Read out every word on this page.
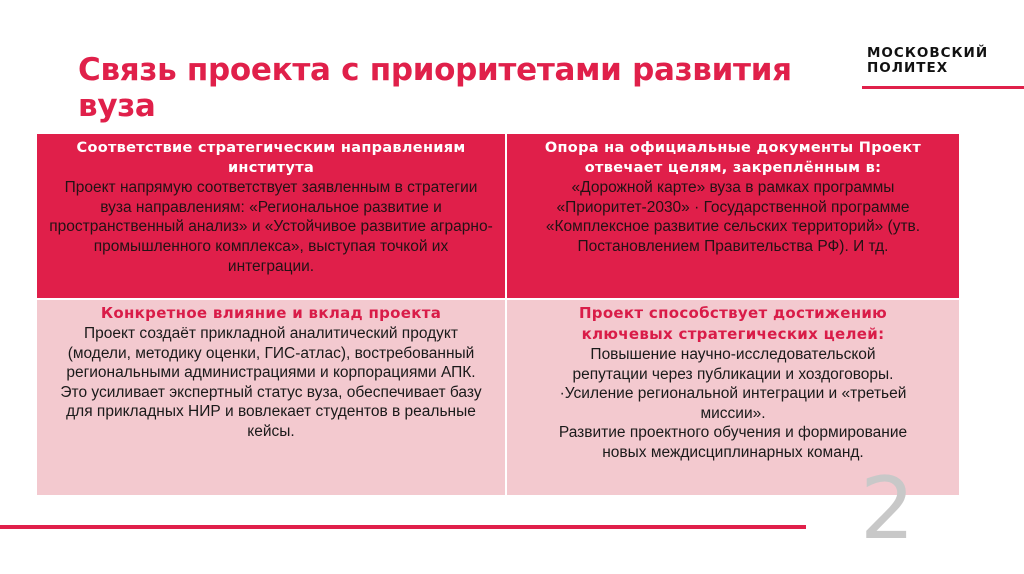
Связь проекта с приоритетами развития вуза
МОСКОВСКИЙ
ПОЛИТЕХ
Соответствие стратегическим направлениям института
Проект напрямую соответствует заявленным в стратегии вуза направлениям: «Региональное развитие и пространственный анализ» и «Устойчивое развитие аграрно-промышленного комплекса», выступая точкой их интеграции.
Опора на официальные документы Проект отвечает целям, закреплённым в:
«Дорожной карте» вуза в рамках программы «Приоритет-2030» · Государственной программе «Комплексное развитие сельских территорий» (утв. Постановлением Правительства РФ). И тд.
Конкретное влияние и вклад проекта
Проект создаёт прикладной аналитический продукт (модели, методику оценки, ГИС-атлас), востребованный региональными администрациями и корпорациями АПК. Это усиливает экспертный статус вуза, обеспечивает базу для прикладных НИР и вовлекает студентов в реальные кейсы.
Проект способствует достижению ключевых стратегических целей:
Повышение научно-исследовательской репутации через публикации и хоздоговоры.
·Усиление региональной интеграции и «третьей миссии».
Развитие проектного обучения и формирование новых междисциплинарных команд.
2
